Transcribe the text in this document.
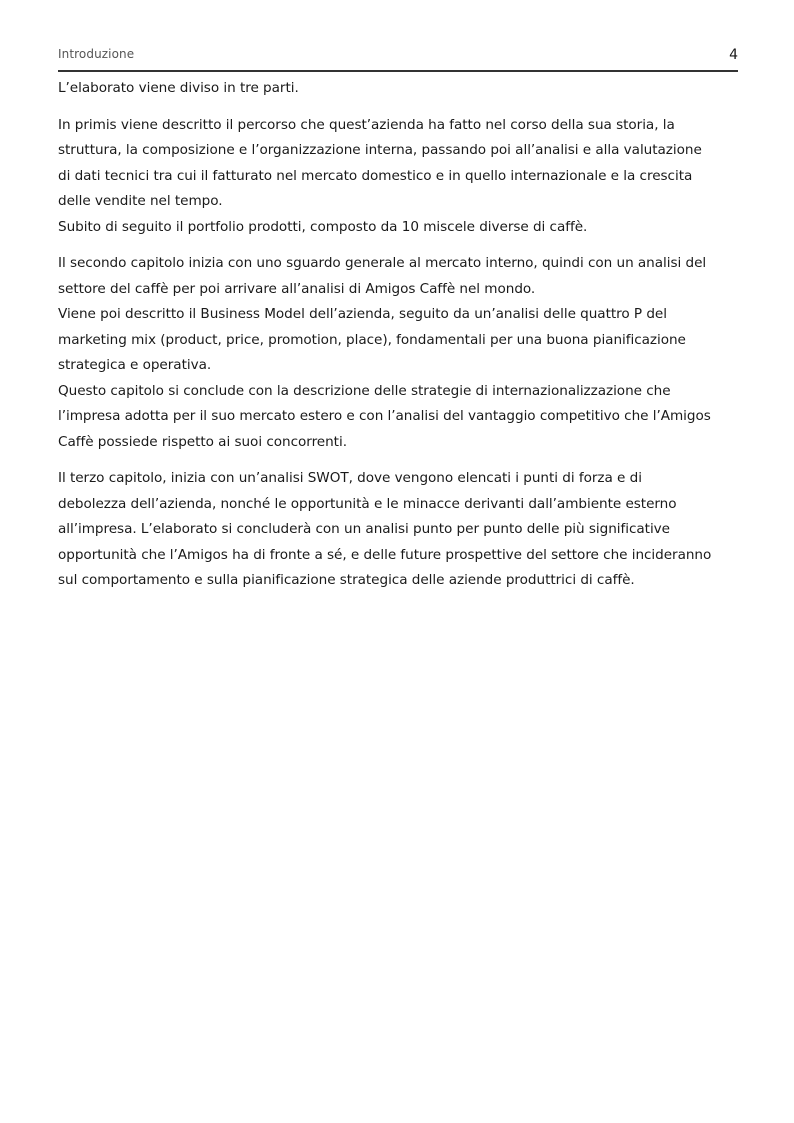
Introduzione	4

L’elaborato viene diviso in tre parti.

In primis viene descritto il percorso che quest’azienda ha fatto nel corso della sua storia, la
struttura, la composizione e l’organizzazione interna, passando poi all’analisi e alla valutazione
di dati tecnici tra cui il fatturato nel mercato domestico e in quello internazionale e la crescita
delle vendite nel tempo.
Subito di seguito il portfolio prodotti, composto da 10 miscele diverse di caffè.

Il secondo capitolo inizia con uno sguardo generale al mercato interno, quindi con un analisi del
settore del caffè per poi arrivare all’analisi di Amigos Caffè nel mondo.
Viene poi descritto il Business Model dell’azienda, seguito da un’analisi delle quattro P del
marketing mix (product, price, promotion, place), fondamentali per una buona pianificazione
strategica e operativa.
Questo capitolo si conclude con la descrizione delle strategie di internazionalizzazione che
l’impresa adotta per il suo mercato estero e con l’analisi del vantaggio competitivo che l’Amigos
Caffè possiede rispetto ai suoi concorrenti.

Il terzo capitolo, inizia con un’analisi SWOT, dove vengono elencati i punti di forza e di
debolezza dell’azienda, nonché le opportunità e le minacce derivanti dall’ambiente esterno
all’impresa. L’elaborato si concluderà con un analisi punto per punto delle più significative
opportunità che l’Amigos ha di fronte a sé, e delle future prospettive del settore che incideranno
sul comportamento e sulla pianificazione strategica delle aziende produttrici di caffè.
